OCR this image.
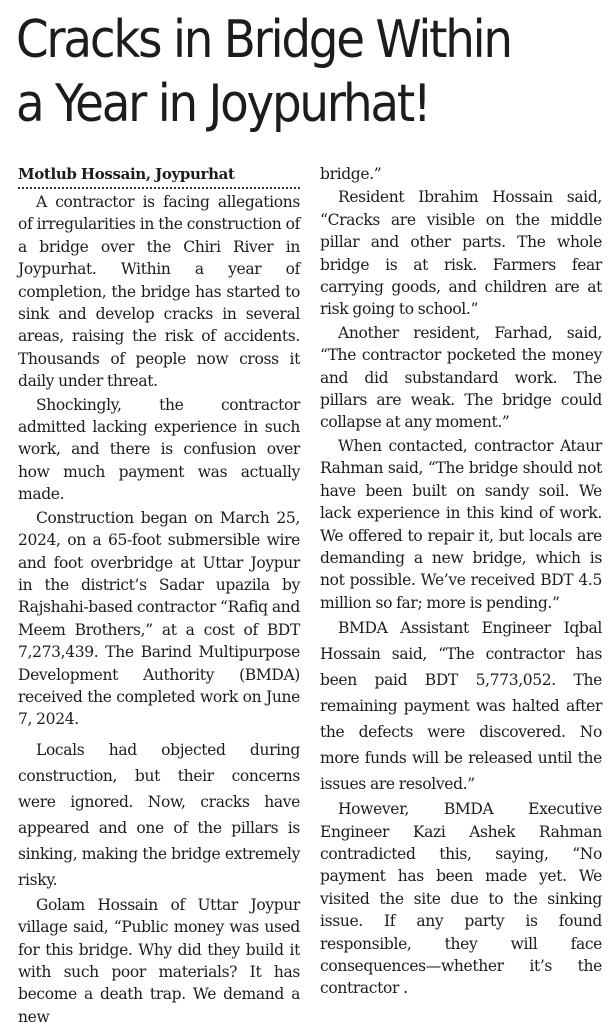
Cracks in Bridge Within
a Year in Joypurhat!
Motlub Hossain, Joypurhat

A contractor is facing allegations of irregularities in the construction of a bridge over the Chiri River in Joypurhat. Within a year of completion, the bridge has started to sink and develop cracks in several areas, raising the risk of accidents. Thousands of people now cross it daily under threat.

Shockingly, the contractor admitted lacking experience in such work, and there is confusion over how much payment was actually made.

Construction began on March 25, 2024, on a 65-foot submersible wire and foot overbridge at Uttar Joypur in the district’s Sadar upazila by Rajshahi-based contractor “Rafiq and Meem Brothers,” at a cost of BDT 7,273,439. The Barind Multipurpose Development Authority (BMDA) received the completed work on June 7, 2024.

Locals had objected during construction, but their concerns were ignored. Now, cracks have appeared and one of the pillars is sinking, making the bridge extremely risky.

Golam Hossain of Uttar Joypur village said, “Public money was used for this bridge. Why did they build it with such poor materials? It has become a death trap. We demand a new

bridge.”

Resident Ibrahim Hossain said, “Cracks are visible on the middle pillar and other parts. The whole bridge is at risk. Farmers fear carrying goods, and children are at risk going to school.”

Another resident, Farhad, said, “The contractor pocketed the money and did substandard work. The pillars are weak. The bridge could collapse at any moment.”

When contacted, contractor Ataur Rahman said, “The bridge should not have been built on sandy soil. We lack experience in this kind of work. We offered to repair it, but locals are demanding a new bridge, which is not possible. We’ve received BDT 4.5 million so far; more is pending.”

BMDA Assistant Engineer Iqbal Hossain said, “The contractor has been paid BDT 5,773,052. The remaining payment was halted after the defects were discovered. No more funds will be released until the issues are resolved.”

However, BMDA Executive Engineer Kazi Ashek Rahman contradicted this, saying, “No payment has been made yet. We visited the site due to the sinking issue. If any party is found responsible, they will face consequences—whether it’s the contractor .
